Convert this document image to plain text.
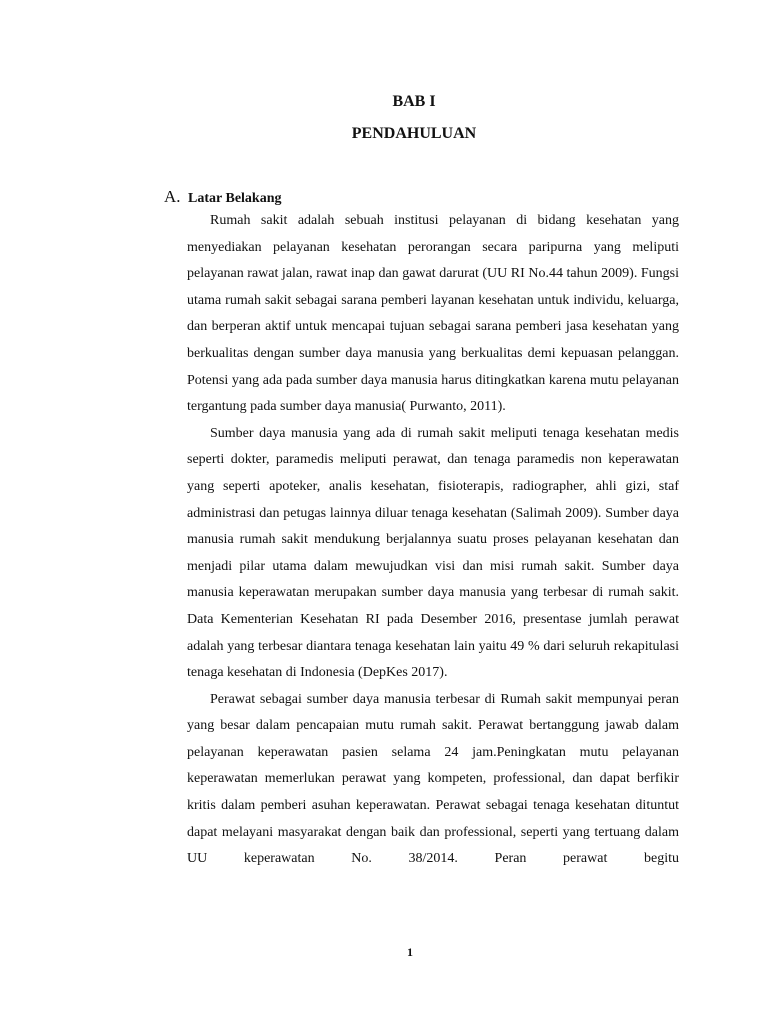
BAB I
PENDAHULUAN
A. Latar Belakang

Rumah sakit adalah sebuah institusi pelayanan di bidang kesehatan yang menyediakan pelayanan kesehatan perorangan secara paripurna yang meliputi pelayanan rawat jalan, rawat inap dan gawat darurat (UU RI No.44 tahun 2009). Fungsi utama rumah sakit sebagai sarana pemberi layanan kesehatan untuk individu, keluarga, dan berperan aktif untuk mencapai tujuan sebagai sarana pemberi jasa kesehatan yang berkualitas dengan sumber daya manusia yang berkualitas demi kepuasan pelanggan. Potensi yang ada pada sumber daya manusia harus ditingkatkan karena mutu pelayanan tergantung pada sumber daya manusia( Purwanto, 2011).

Sumber daya manusia yang ada di rumah sakit meliputi tenaga kesehatan medis seperti dokter, paramedis meliputi perawat, dan tenaga paramedis non keperawatan yang seperti apoteker, analis kesehatan, fisioterapis, radiographer, ahli gizi, staf administrasi dan petugas lainnya diluar tenaga kesehatan (Salimah 2009). Sumber daya manusia rumah sakit mendukung berjalannya suatu proses pelayanan kesehatan dan menjadi pilar utama dalam mewujudkan visi dan misi rumah sakit. Sumber daya manusia keperawatan merupakan sumber daya manusia yang terbesar di rumah sakit. Data Kementerian Kesehatan RI pada Desember 2016, presentase jumlah perawat adalah yang terbesar diantara tenaga kesehatan lain yaitu 49 % dari seluruh rekapitulasi tenaga kesehatan di Indonesia (DepKes 2017).

Perawat sebagai sumber daya manusia terbesar di Rumah sakit mempunyai peran yang besar dalam pencapaian mutu rumah sakit. Perawat bertanggung jawab dalam pelayanan keperawatan pasien selama 24 jam.Peningkatan mutu pelayanan keperawatan memerlukan perawat yang kompeten, professional, dan dapat berfikir kritis dalam pemberi asuhan keperawatan. Perawat sebagai tenaga kesehatan dituntut dapat melayani masyarakat dengan baik dan professional, seperti yang tertuang dalam UU keperawatan No. 38/2014. Peran perawat begitu

1
